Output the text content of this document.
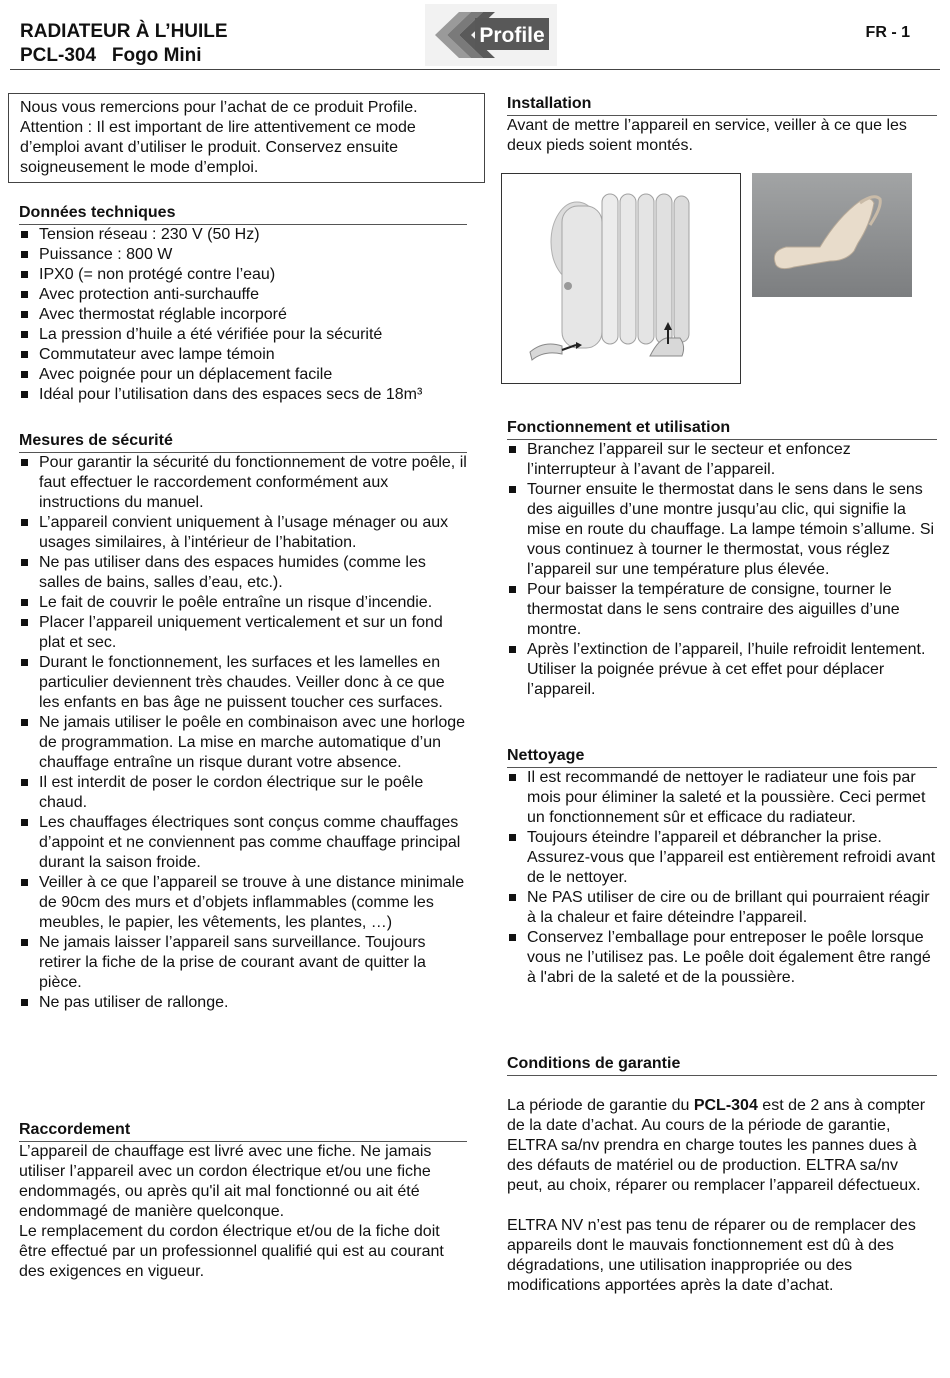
RADIATEUR À L’HUILE
PCL-304   Fogo Mini
Profile	FR - 1

Nous vous remercions pour l’achat de ce produit Profile. Attention : Il est important de lire attentivement ce mode d’emploi avant d’utiliser le produit. Conservez ensuite soigneusement le mode d’emploi.

Données techniques
Tension réseau : 230 V (50 Hz)
Puissance : 800 W
IPX0 (= non protégé contre l’eau)
Avec protection anti-surchauffe
Avec thermostat réglable incorporé
La pression d’huile a été vérifiée pour la sécurité
Commutateur avec lampe témoin
Avec poignée pour un déplacement facile
Idéal pour l’utilisation dans des espaces secs de 18m³
Mesures de sécurité
Pour garantir la sécurité du fonctionnement de votre poêle, il faut effectuer le raccordement conformément aux instructions du manuel.
L’appareil convient uniquement à l’usage ménager ou aux usages similaires, à l’intérieur de l’habitation.
Ne pas utiliser dans des espaces humides (comme les salles de bains, salles d’eau, etc.).
Le fait de couvrir le poêle entraîne un risque d’incendie.
Placer l’appareil uniquement verticalement et sur un fond plat et sec.
Durant le fonctionnement, les surfaces et les lamelles en particulier deviennent très chaudes. Veiller donc à ce que les enfants en bas âge ne puissent toucher ces surfaces.
Ne jamais utiliser le poêle en combinaison avec une horloge de programmation. La mise en marche automatique d’un chauffage entraîne un risque durant votre absence.
Il est interdit de poser le cordon électrique sur le poêle chaud.
Les chauffages électriques sont conçus comme chauffages d’appoint et ne conviennent pas comme chauffage principal durant la saison froide.
Veiller à ce que l’appareil se trouve à une distance minimale de 90cm des murs et d’objets inflammables (comme les meubles, le papier, les vêtements, les plantes, …)
Ne jamais laisser l’appareil sans surveillance. Toujours retirer la fiche de la prise de courant avant de quitter la pièce.
Ne pas utiliser de rallonge.
Raccordement

L’appareil de chauffage est livré avec une fiche. Ne jamais utiliser l’appareil avec un cordon électrique et/ou une fiche endommagés, ou après qu'il ait mal fonctionné ou ait été endommagé de manière quelconque.

Le remplacement du cordon électrique et/ou de la fiche doit être effectué par un professionnel qualifié qui est au courant des exigences en vigueur.

Installation

Avant de mettre l’appareil en service, veiller à ce que les deux pieds soient montés.

Fonctionnement et utilisation
Branchez l’appareil sur le secteur et enfoncez l’interrupteur à l’avant de l’appareil.
Tourner ensuite le thermostat dans le sens dans le sens des aiguilles d’une montre jusqu’au clic, qui signifie la mise en route du chauffage. La lampe témoin s’allume. Si vous continuez à tourner le thermostat, vous réglez l’appareil sur une température plus élevée.
Pour baisser la température de consigne, tourner le thermostat dans le sens contraire des aiguilles d’une montre.
Après l’extinction de l’appareil, l’huile refroidit lentement. Utiliser la poignée prévue à cet effet pour déplacer l’appareil.
Nettoyage
Il est recommandé de nettoyer le radiateur une fois par mois pour éliminer la saleté et la poussière. Ceci permet un fonctionnement sûr et efficace du radiateur.
Toujours éteindre l’appareil et débrancher la prise. Assurez-vous que l’appareil est entièrement refroidi avant de le nettoyer.
Ne PAS utiliser de cire ou de brillant qui pourraient réagir à la chaleur et faire déteindre l’appareil.
Conservez l’emballage pour entreposer le poêle lorsque vous ne l’utilisez pas. Le poêle doit également être rangé à l'abri de la saleté et de la poussière.
Conditions de garantie

La période de garantie du PCL-304 est de 2 ans à compter de la date d’achat. Au cours de la période de garantie, ELTRA sa/nv prendra en charge toutes les pannes dues à des défauts de matériel ou de production. ELTRA sa/nv peut, au choix, réparer ou remplacer l’appareil défectueux.

ELTRA NV n’est pas tenu de réparer ou de remplacer des appareils dont le mauvais fonctionnement est dû à des dégradations, une utilisation inappropriée ou des modifications apportées après la date d’achat.
